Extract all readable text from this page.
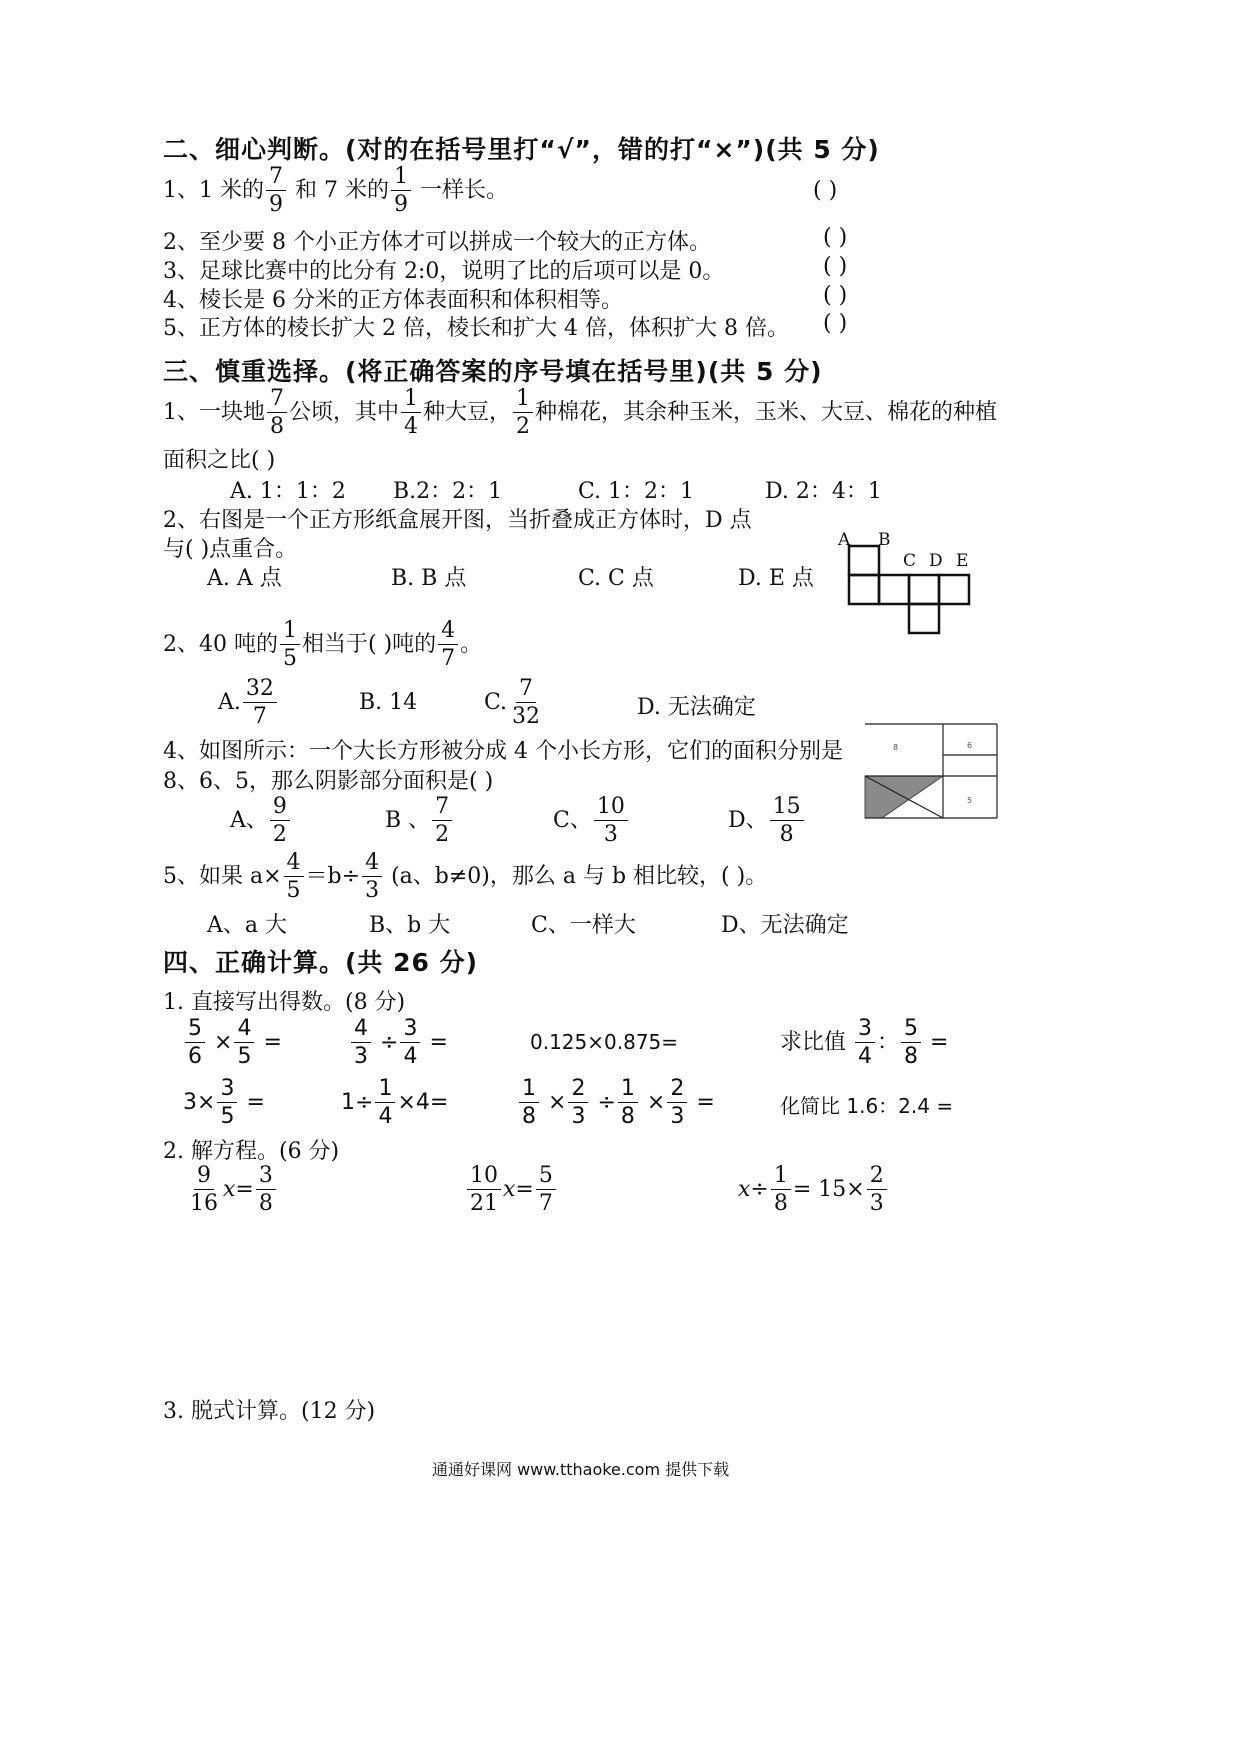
二、细心判断。(对的在括号里打“√”，错的打“×”)(共 5 分)
1、1 米的 $\frac{7}{9}$ 和 7 米的 $\frac{1}{9}$ 一样长。	( )
2、至少要 8 个小正方体才可以拼成一个较大的正方体。	( )
3、足球比赛中的比分有 2:0，说明了比的后项可以是 0。	( )
4、棱长是 6 分米的正方体表面积和体积相等。	( )
5、正方体的棱长扩大 2 倍，棱长和扩大 4 倍，体积扩大 8 倍。 ( )
三、慎重选择。(将正确答案的序号填在括号里)(共 5 分)
1、一块地 $\frac{7}{8}$ 公顷，其中 $\frac{1}{4}$ 种大豆， $\frac{1}{2}$ 种棉花，其余种玉米，玉米、大豆、棉花的种植
面积之比( )
A. 1：1：2 B.2：2：1	C. 1：2：1	D. 2：4：1
2、右图是一个正方形纸盒展开图，当折叠成正方体时，D 点
与( )点重合。
A. A 点	B. B 点	C. C 点	D. E 点
A B
C D E
2、40 吨的 $\frac{1}{5}$ 相当于( )吨的 $\frac{4}{7}$ 。
A. $\frac{32}{7}$	B. 14	C. $\frac{7}{32}$	D. 无法确定
4、如图所示：一个大长方形被分成 4 个小长方形，它们的面积分别是
8、6、5，那么阴影部分面积是( )
A、 $\frac{9}{2}$	B 、 $\frac{7}{2}$	C、 $\frac{10}{3}$	D、 $\frac{15}{8}$
8	6
5
5、如果 $a\times \frac{4}{5} =b\div \frac{4}{3} (a$、b≠0)，那么 a 与 b 相比较，( )。
A、a 大	B、b 大	C、一样大	D、无法确定
四、正确计算。(共 26 分)
1. 直接写出得数。(8 分)
$\frac{5}{6} \times \frac{4}{5}$ =	$\frac{4}{3} \div \frac{3}{4}$ =	0.125×0.875=	求比值 $\frac{3}{4}$ ： $\frac{5}{8}$ =
$3\times \frac{3}{5}$ =	$1\div \frac{1}{4} \times 4=$	$\frac{1}{8} \times \frac{2}{3} \div \frac{1}{8} \times \frac{2}{3}$ =	化简比 1.6：2.4 =
2. 解方程。(6 分)
$\frac{9}{16} x= \frac{3}{8}$	$\frac{10}{21} x= \frac{5}{7}$	$x\div \frac{1}{8} = 15\times \frac{2}{3}$
3. 脱式计算。(12 分)
通通好课网 www.tthaoke.com 提供下载
